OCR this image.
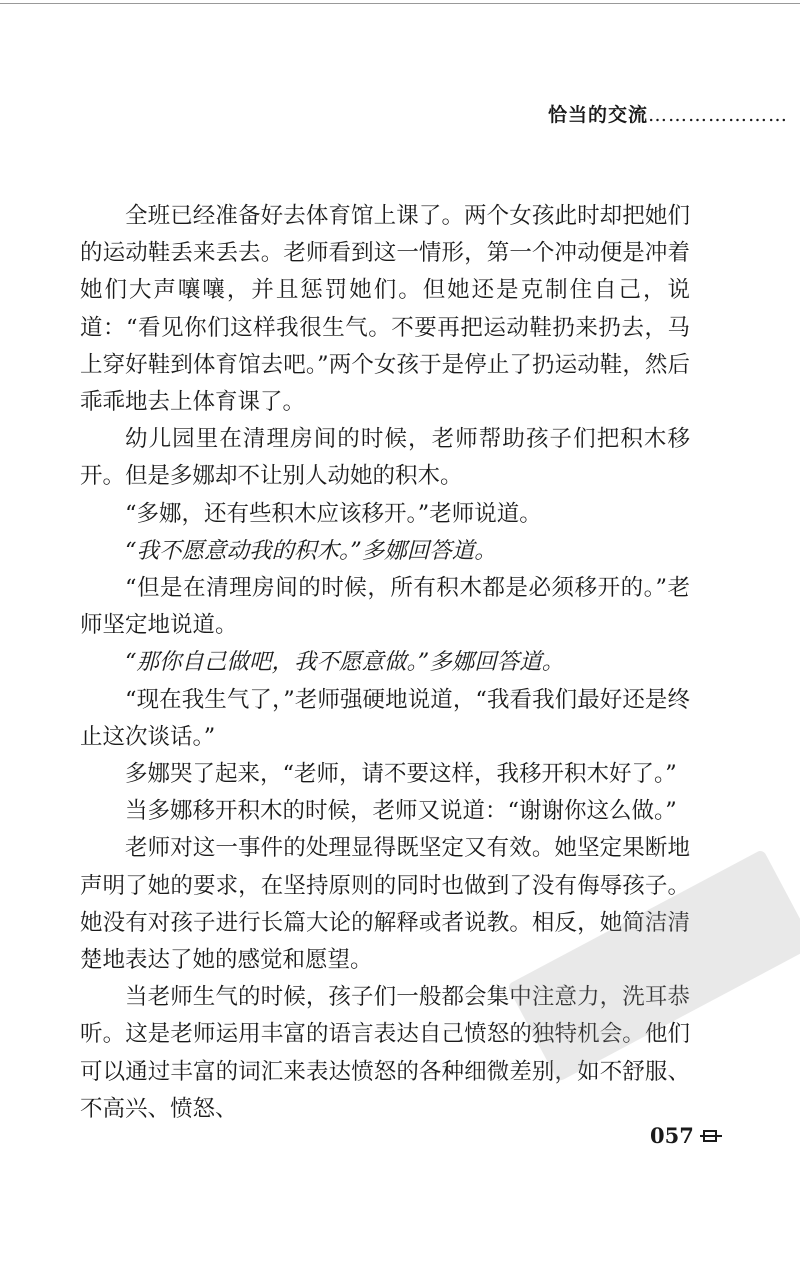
恰当的交流…………………

全班已经准备好去体育馆上课了。两个女孩此时却把她们的运动鞋丢来丢去。老师看到这一情形，第一个冲动便是冲着她们大声嚷嚷，并且惩罚她们。但她还是克制住自己，说道：“看见你们这样我很生气。不要再把运动鞋扔来扔去，马上穿好鞋到体育馆去吧。”两个女孩于是停止了扔运动鞋，然后乖乖地去上体育课了。

幼儿园里在清理房间的时候，老师帮助孩子们把积木移开。但是多娜却不让别人动她的积木。

“多娜，还有些积木应该移开。”老师说道。

“我不愿意动我的积木。”多娜回答道。

“但是在清理房间的时候，所有积木都是必须移开的。”老师坚定地说道。

“那你自己做吧，我不愿意做。”多娜回答道。

“现在我生气了，”老师强硬地说道，“我看我们最好还是终止这次谈话。”

多娜哭了起来，“老师，请不要这样，我移开积木好了。”

当多娜移开积木的时候，老师又说道：“谢谢你这么做。”

老师对这一事件的处理显得既坚定又有效。她坚定果断地声明了她的要求，在坚持原则的同时也做到了没有侮辱孩子。她没有对孩子进行长篇大论的解释或者说教。相反，她简洁清楚地表达了她的感觉和愿望。

当老师生气的时候，孩子们一般都会集中注意力，洗耳恭听。这是老师运用丰富的语言表达自己愤怒的独特机会。他们可以通过丰富的词汇来表达愤怒的各种细微差别，如不舒服、不高兴、愤怒、

057
